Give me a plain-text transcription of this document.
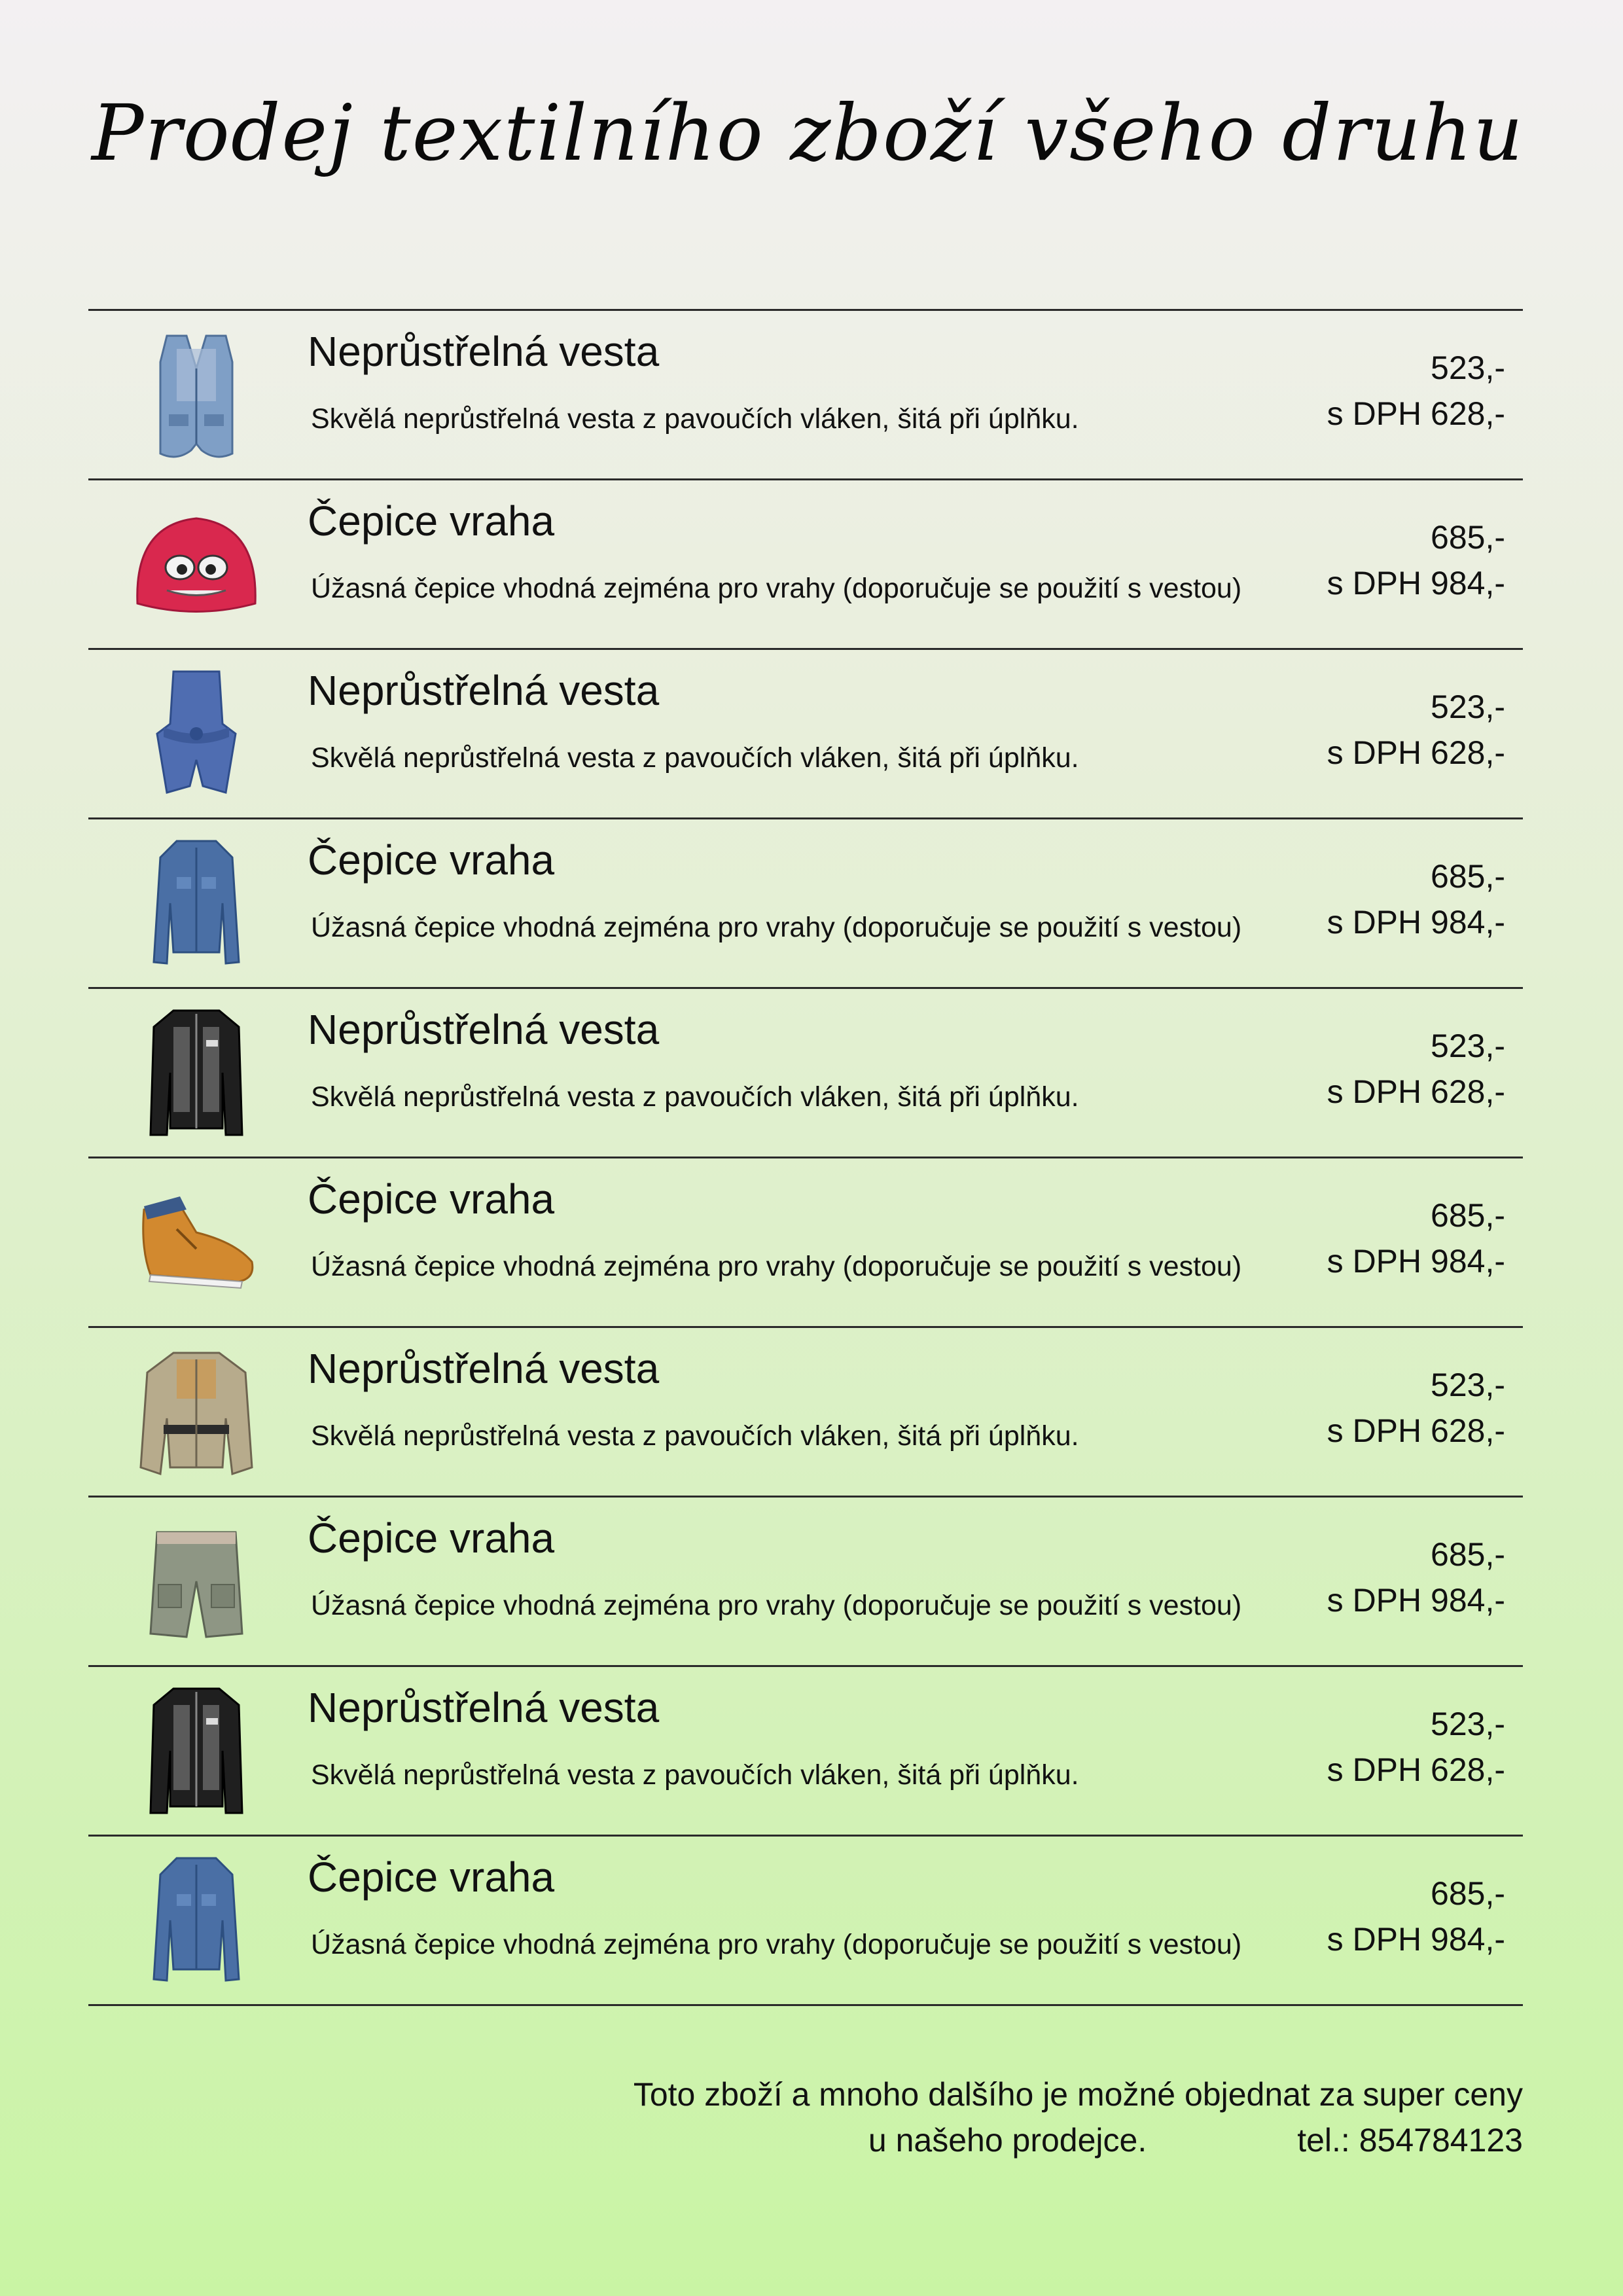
Prodej textilního zboží všeho druhu
Neprůstřelná vesta
Skvělá neprůstřelná vesta z pavoučích vláken, šitá při úplňku.
523,-
s DPH 628,-
Čepice vraha
Úžasná čepice vhodná zejména pro vrahy (doporučuje se použití s vestou)
685,-
s DPH 984,-
Neprůstřelná vesta
Skvělá neprůstřelná vesta z pavoučích vláken, šitá při úplňku.
523,-
s DPH 628,-
Čepice vraha
Úžasná čepice vhodná zejména pro vrahy (doporučuje se použití s vestou)
685,-
s DPH 984,-
Neprůstřelná vesta
Skvělá neprůstřelná vesta z pavoučích vláken, šitá při úplňku.
523,-
s DPH 628,-
Čepice vraha
Úžasná čepice vhodná zejména pro vrahy (doporučuje se použití s vestou)
685,-
s DPH 984,-
Neprůstřelná vesta
Skvělá neprůstřelná vesta z pavoučích vláken, šitá při úplňku.
523,-
s DPH 628,-
Čepice vraha
Úžasná čepice vhodná zejména pro vrahy (doporučuje se použití s vestou)
685,-
s DPH 984,-
Neprůstřelná vesta
Skvělá neprůstřelná vesta z pavoučích vláken, šitá při úplňku.
523,-
s DPH 628,-
Čepice vraha
Úžasná čepice vhodná zejména pro vrahy (doporučuje se použití s vestou)
685,-
s DPH 984,-
Toto zboží a mnoho dalšího je možné objednat za super ceny
u našeho prodejce.	tel.: 854784123
